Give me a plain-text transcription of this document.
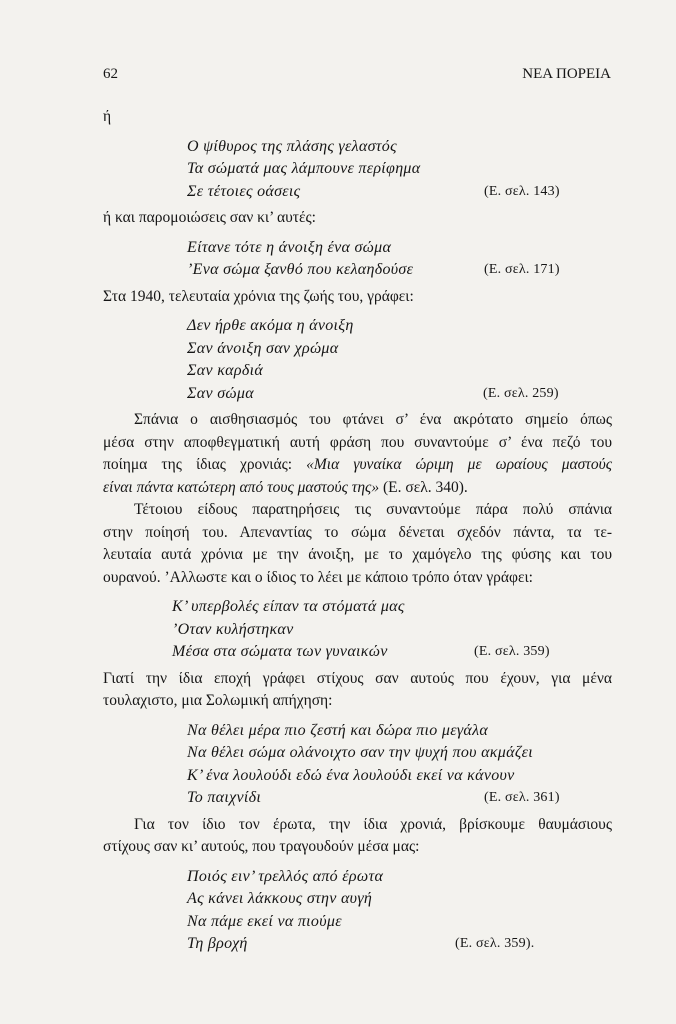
62	ΝΕΑ ΠΟΡΕΙΑ
ή
Ο ψίθυρος της πλάσης γελαστός
Τα σώματά μας λάμπουνε περίφημα
Σε τέτοιες οάσεις	(Ε. σελ. 143)
ή και παρομοιώσεις σαν κι’ αυτές:
Είτανε τότε η άνοιξη ένα σώμα
’Ενα σώμα ξανθό που κελαηδούσε	(Ε. σελ. 171)
Στα 1940, τελευταία χρόνια της ζωής του, γράφει:
Δεν ήρθε ακόμα η άνοιξη
Σαν άνοιξη σαν χρώμα
Σαν καρδιά
Σαν σώμα	(Ε. σελ. 259)
Σπάνια ο αισθησιασμός του φτάνει σ’ ένα ακρότατο σημείο όπως
μέσα στην αποφθεγματική αυτή φράση που συναντούμε σ’ ένα πεζό του
ποίημα της ίδιας χρονιάς: «Μια γυναίκα ώριμη με ωραίους μαστούς
είναι πάντα κατώτερη από τους μαστούς της» (Ε. σελ. 340).
Τέτοιου είδους παρατηρήσεις τις συναντούμε πάρα πολύ σπάνια
στην ποίησή του. Απεναντίας το σώμα δένεται σχεδόν πάντα, τα τε-
λευταία αυτά χρόνια με την άνοιξη, με το χαμόγελο της φύσης και του
ουρανού. ’Αλλωστε και ο ίδιος το λέει με κάποιο τρόπο όταν γράφει:
Κ’ υπερβολές είπαν τα στόματά μας
’Οταν κυλήστηκαν
Μέσα στα σώματα των γυναικών	(Ε. σελ. 359)
Γιατί την ίδια εποχή γράφει στίχους σαν αυτούς που έχουν, για μένα
τουλαχιστο, μια Σολωμική απήχηση:
Να θέλει μέρα πιο ζεστή και δώρα πιο μεγάλα
Να θέλει σώμα ολάνοιχτο σαν την ψυχή που ακμάζει
Κ’ ένα λουλούδι εδώ ένα λουλούδι εκεί να κάνουν
Το παιχνίδι	(Ε. σελ. 361)
Για τον ίδιο τον έρωτα, την ίδια χρονιά, βρίσκουμε θαυμάσιους
στίχους σαν κι’ αυτούς, που τραγουδούν μέσα μας:
Ποιός ειν’ τρελλός από έρωτα
Ας κάνει λάκκους στην αυγή
Να πάμε εκεί να πιούμε
Τη βροχή	(Ε. σελ. 359).
